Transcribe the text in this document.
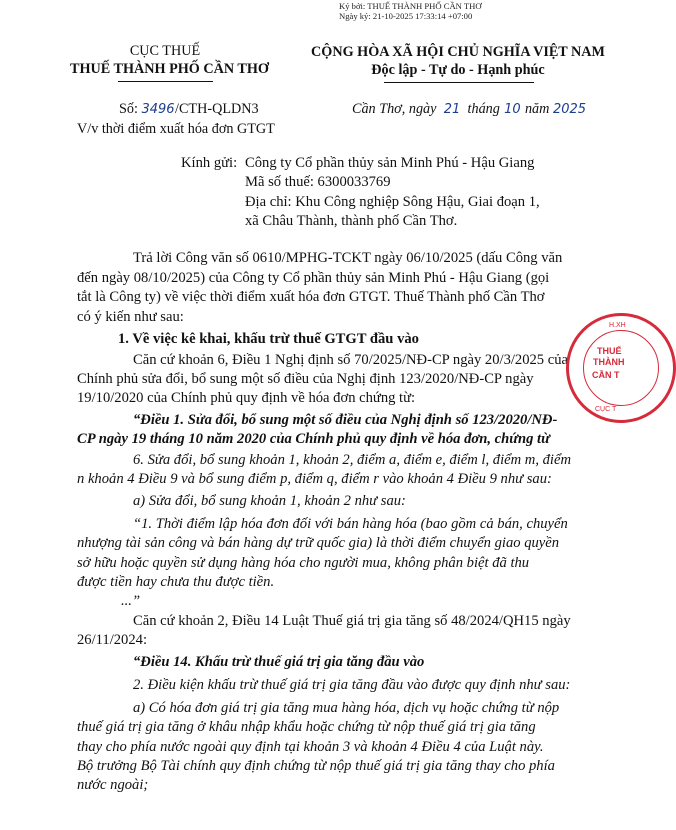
Ký bởi: THUẾ THÀNH PHỐ CẦN THƠ
Ngày ký: 21-10-2025 17:33:14 +07:00
CỤC THUẾ
THUẾ THÀNH PHỐ CẦN THƠ
CỘNG HÒA XÃ HỘI CHỦ NGHĨA VIỆT NAM
Độc lập - Tự do - Hạnh phúc
Số: 3496 /CTH-QLDN3
V/v thời điểm xuất hóa đơn GTGT
Cần Thơ, ngày 21 tháng 10 năm 2025
Kính gửi: Công ty Cổ phần thủy sản Minh Phú - Hậu Giang
Mã số thuế: 6300033769
Địa chỉ: Khu Công nghiệp Sông Hậu, Giai đoạn 1,
xã Châu Thành, thành phố Cần Thơ.
Trả lời Công văn số 0610/MPHG-TCKT ngày 06/10/2025 (dấu Công văn
đến ngày 08/10/2025) của Công ty Cổ phần thủy sản Minh Phú - Hậu Giang (gọi
tắt là Công ty) về việc thời điểm xuất hóa đơn GTGT. Thuế Thành phố Cần Thơ
có ý kiến như sau:
1. Về việc kê khai, khấu trừ thuế GTGT đầu vào
Căn cứ khoản 6, Điều 1 Nghị định số 70/2025/NĐ-CP ngày 20/3/2025 của
Chính phủ sửa đổi, bổ sung một số điều của Nghị định 123/2020/NĐ-CP ngày
19/10/2020 của Chính phủ quy định về hóa đơn chứng từ:
“Điều 1. Sửa đổi, bổ sung một số điều của Nghị định số 123/2020/NĐ-
CP ngày 19 tháng 10 năm 2020 của Chính phủ quy định về hóa đơn, chứng từ
6. Sửa đổi, bổ sung khoản 1, khoản 2, điểm a, điểm e, điểm l, điểm m, điểm
n khoản 4 Điều 9 và bổ sung điểm p, điểm q, điểm r vào khoản 4 Điều 9 như sau:
a) Sửa đổi, bổ sung khoản 1, khoản 2 như sau:
“1. Thời điểm lập hóa đơn đối với bán hàng hóa (bao gồm cả bán, chuyển
nhượng tài sản công và bán hàng dự trữ quốc gia) là thời điểm chuyển giao quyền
sở hữu hoặc quyền sử dụng hàng hóa cho người mua, không phân biệt đã thu
được tiền hay chưa thu được tiền.
...”
Căn cứ khoản 2, Điều 14 Luật Thuế giá trị gia tăng số 48/2024/QH15 ngày
26/11/2024:
“Điều 14. Khấu trừ thuế giá trị gia tăng đầu vào
2. Điều kiện khấu trừ thuế giá trị gia tăng đầu vào được quy định như sau:
a) Có hóa đơn giá trị gia tăng mua hàng hóa, dịch vụ hoặc chứng từ nộp
thuế giá trị gia tăng ở khâu nhập khẩu hoặc chứng từ nộp thuế giá trị gia tăng
thay cho phía nước ngoài quy định tại khoản 3 và khoản 4 Điều 4 của Luật này.
Bộ trưởng Bộ Tài chính quy định chứng từ nộp thuế giá trị gia tăng thay cho phía
nước ngoài;
H.XH
THUẾ
THÀNH
CẦN T
CỤC T
